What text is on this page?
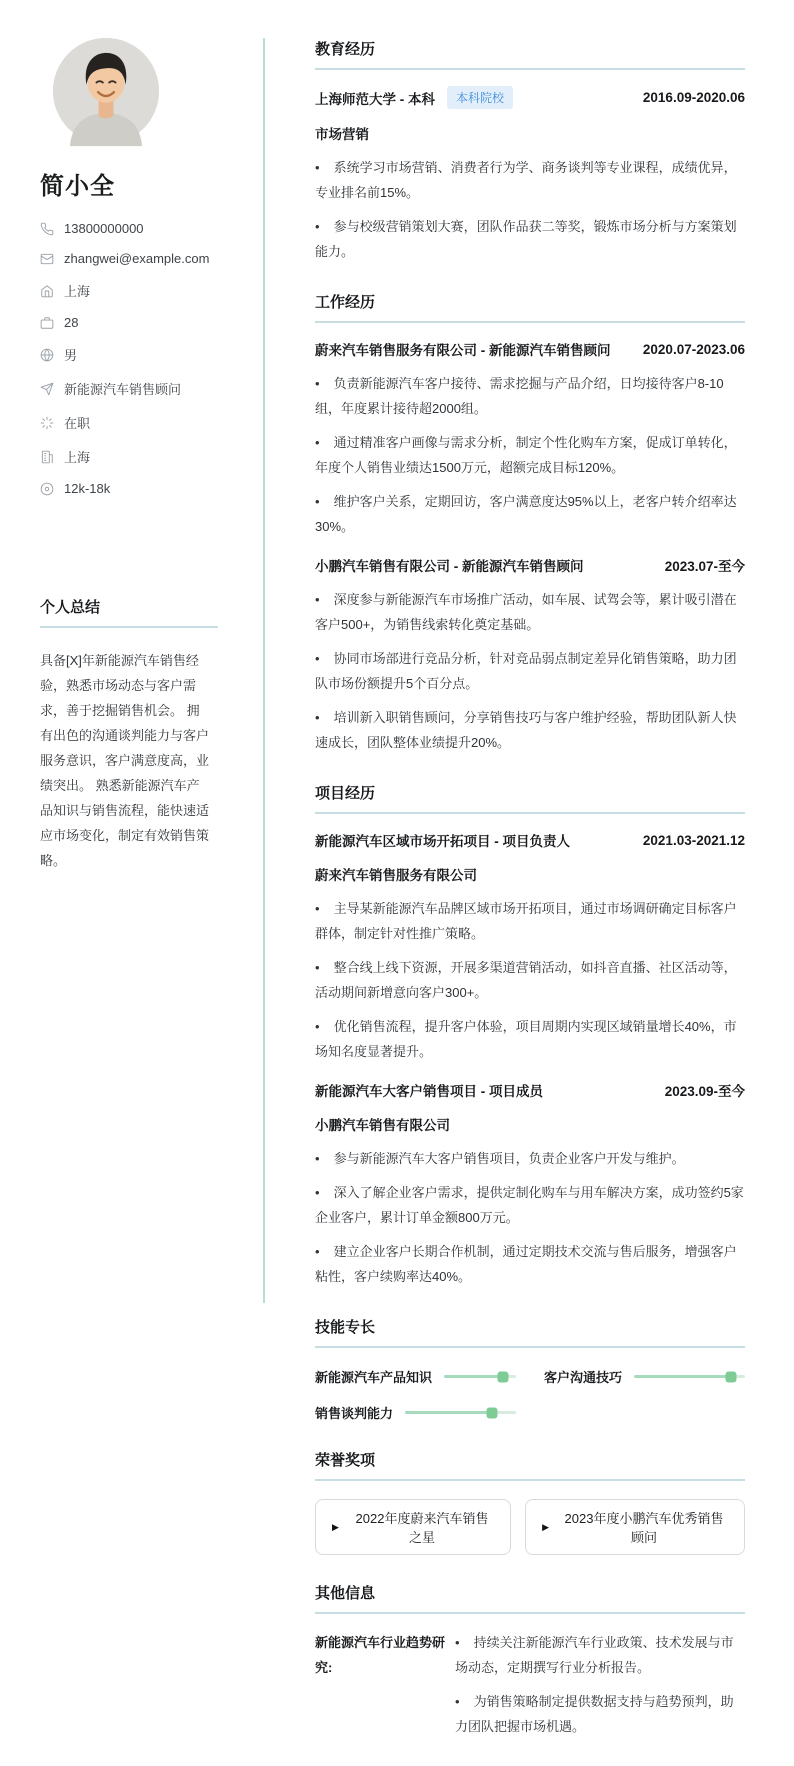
简小全
13800000000
zhangwei@example.com
上海
28
男
新能源汽车销售顾问
在职
上海
12k-18k
个人总结
具备[X]年新能源汽车销售经验，熟悉市场动态与客户需求，善于挖掘销售机会。 拥有出色的沟通谈判能力与客户服务意识，客户满意度高，业绩突出。 熟悉新能源汽车产品知识与销售流程，能快速适应市场变化，制定有效销售策略。
教育经历
上海师范大学 - 本科	本科院校	2016.09-2020.06
市场营销
• 系统学习市场营销、消费者行为学、商务谈判等专业课程，成绩优异，专业排名前15%。
• 参与校级营销策划大赛，团队作品获二等奖，锻炼市场分析与方案策划能力。
工作经历
蔚来汽车销售服务有限公司 - 新能源汽车销售顾问 2020.07-2023.06
• 负责新能源汽车客户接待、需求挖掘与产品介绍，日均接待客户8-10组，年度累计接待超2000组。
• 通过精准客户画像与需求分析，制定个性化购车方案，促成订单转化，年度个人销售业绩达1500万元，超额完成目标120%。
• 维护客户关系，定期回访，客户满意度达95%以上，老客户转介绍率达30%。
小鹏汽车销售有限公司 - 新能源汽车销售顾问	2023.07-至今
• 深度参与新能源汽车市场推广活动，如车展、试驾会等，累计吸引潜在客户500+，为销售线索转化奠定基础。
• 协同市场部进行竞品分析，针对竞品弱点制定差异化销售策略，助力团队市场份额提升5个百分点。
• 培训新入职销售顾问，分享销售技巧与客户维护经验，帮助团队新人快速成长，团队整体业绩提升20%。
项目经历
新能源汽车区域市场开拓项目 - 项目负责人	2021.03-2021.12
蔚来汽车销售服务有限公司
• 主导某新能源汽车品牌区域市场开拓项目，通过市场调研确定目标客户群体，制定针对性推广策略。
• 整合线上线下资源，开展多渠道营销活动，如抖音直播、社区活动等，活动期间新增意向客户300+。
• 优化销售流程，提升客户体验，项目周期内实现区域销量增长40%，市场知名度显著提升。
新能源汽车大客户销售项目 - 项目成员	2023.09-至今
小鹏汽车销售有限公司
• 参与新能源汽车大客户销售项目，负责企业客户开发与维护。
• 深入了解企业客户需求，提供定制化购车与用车解决方案，成功签约5家企业客户，累计订单金额800万元。
• 建立企业客户长期合作机制，通过定期技术交流与售后服务，增强客户粘性，客户续购率达40%。
技能专长
新能源汽车产品知识	客户沟通技巧
销售谈判能力
荣誉奖项
▶
2022年度蔚来汽车销售之星
▶
2023年度小鹏汽车优秀销售顾问
其他信息
新能源汽车行业趋势研究:
• 持续关注新能源汽车行业政策、技术发展与市场动态，定期撰写行业分析报告。
• 为销售策略制定提供数据支持与趋势预判，助力团队把握市场机遇。
